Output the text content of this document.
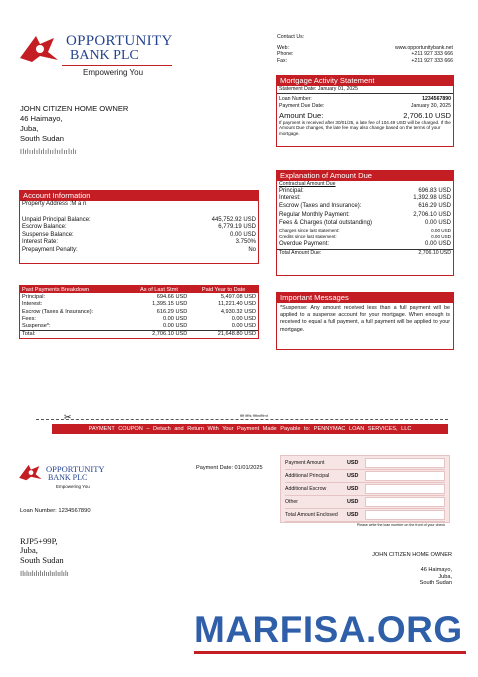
OPPORTUNITY
BANK PLC
Empowering You
Contact Us:
Web:	www.opportunitybank.net
Phone:	+211 927 333 666
Fax:	+211 927 333 666
JOHN CITIZEN HOME OWNER
46 Haimayo,
Juba,
South Sudan
Ilılıılılılılıılıılıılılı
Mortgage Activity Statement
Statement Date: January 01, 2025
Loan Number:	1234567890
Payment Due Date:	January 30, 2025
Amount Due:	2,706.10 USD
If payment is received after 30/01/25, a late fee of 104.49 USD will be charged. If the Amount Due changes, the late fee may also change based on the terms of your mortgage.
Account Information
Property Address :M a n
Unpaid Principal Balance:	445,752.92 USD
Escrow Balance:	6,779.19 USD
Suspense Balance:	0.00 USD
Interest Rate:	3.750%
Prepayment Penalty:	No
Explanation of Amount Due
Contractual Amount Due
Principal:	696.83 USD
Interest:	1,392.98 USD
Escrow (Taxes and Insurance):	616.29 USD
Regular Monthly Payment:	2,706.10 USD
Fees & Charges (total outstanding)	0.00 USD
Charges since last statement:	0.00 USD
Credits since last statement:	0.00 USD
Overdue Payment:	0.00 USD
Total Amount Due:	2,706.10 USD
Past Payments Breakdown	As of Last Stmt	Paid Year to Date
Principal:	694.66 USD	5,497.08 USD
Interest:	1,395.15 USD	11,221.40 USD
Escrow (Taxes & Insurance):	616.29 USD	4,930.32 USD
Fees:	0.00 USD	0.00 USD
Suspense*:	0.00 USD	0.00 USD
Total:	2,706.10 USD	21,648.80 USD
Important Messages
*Suspense: Any amount received less than a full payment will be applied to a suspense account for your mortgage. When enough is received to equal a full payment, a full payment will be applied to your mortgage.
✂	ffff ffffs ffffmfffmf
PAYMENT COUPON – Detach and Return With Your Payment Made Payable to: PENNYMAC LOAN SERVICES, LLC
OPPORTUNITY
BANK PLC
Empowering You
Payment Date: 01/01/2025
Loan Number: 1234567890
Payment Amount	USD
Additional Principal	USD
Additional Escrow	USD
Other	USD
Total Amount Enclosed	USD
Please write the loan number on the front of your check
RJP5+99P,
Juba,
South Sudan
Ilılıılılılılıılıılıılılı
JOHN CITIZEN HOME OWNER
46 Haimayo,
Juba,
South Sudan
MARFISA.ORG
